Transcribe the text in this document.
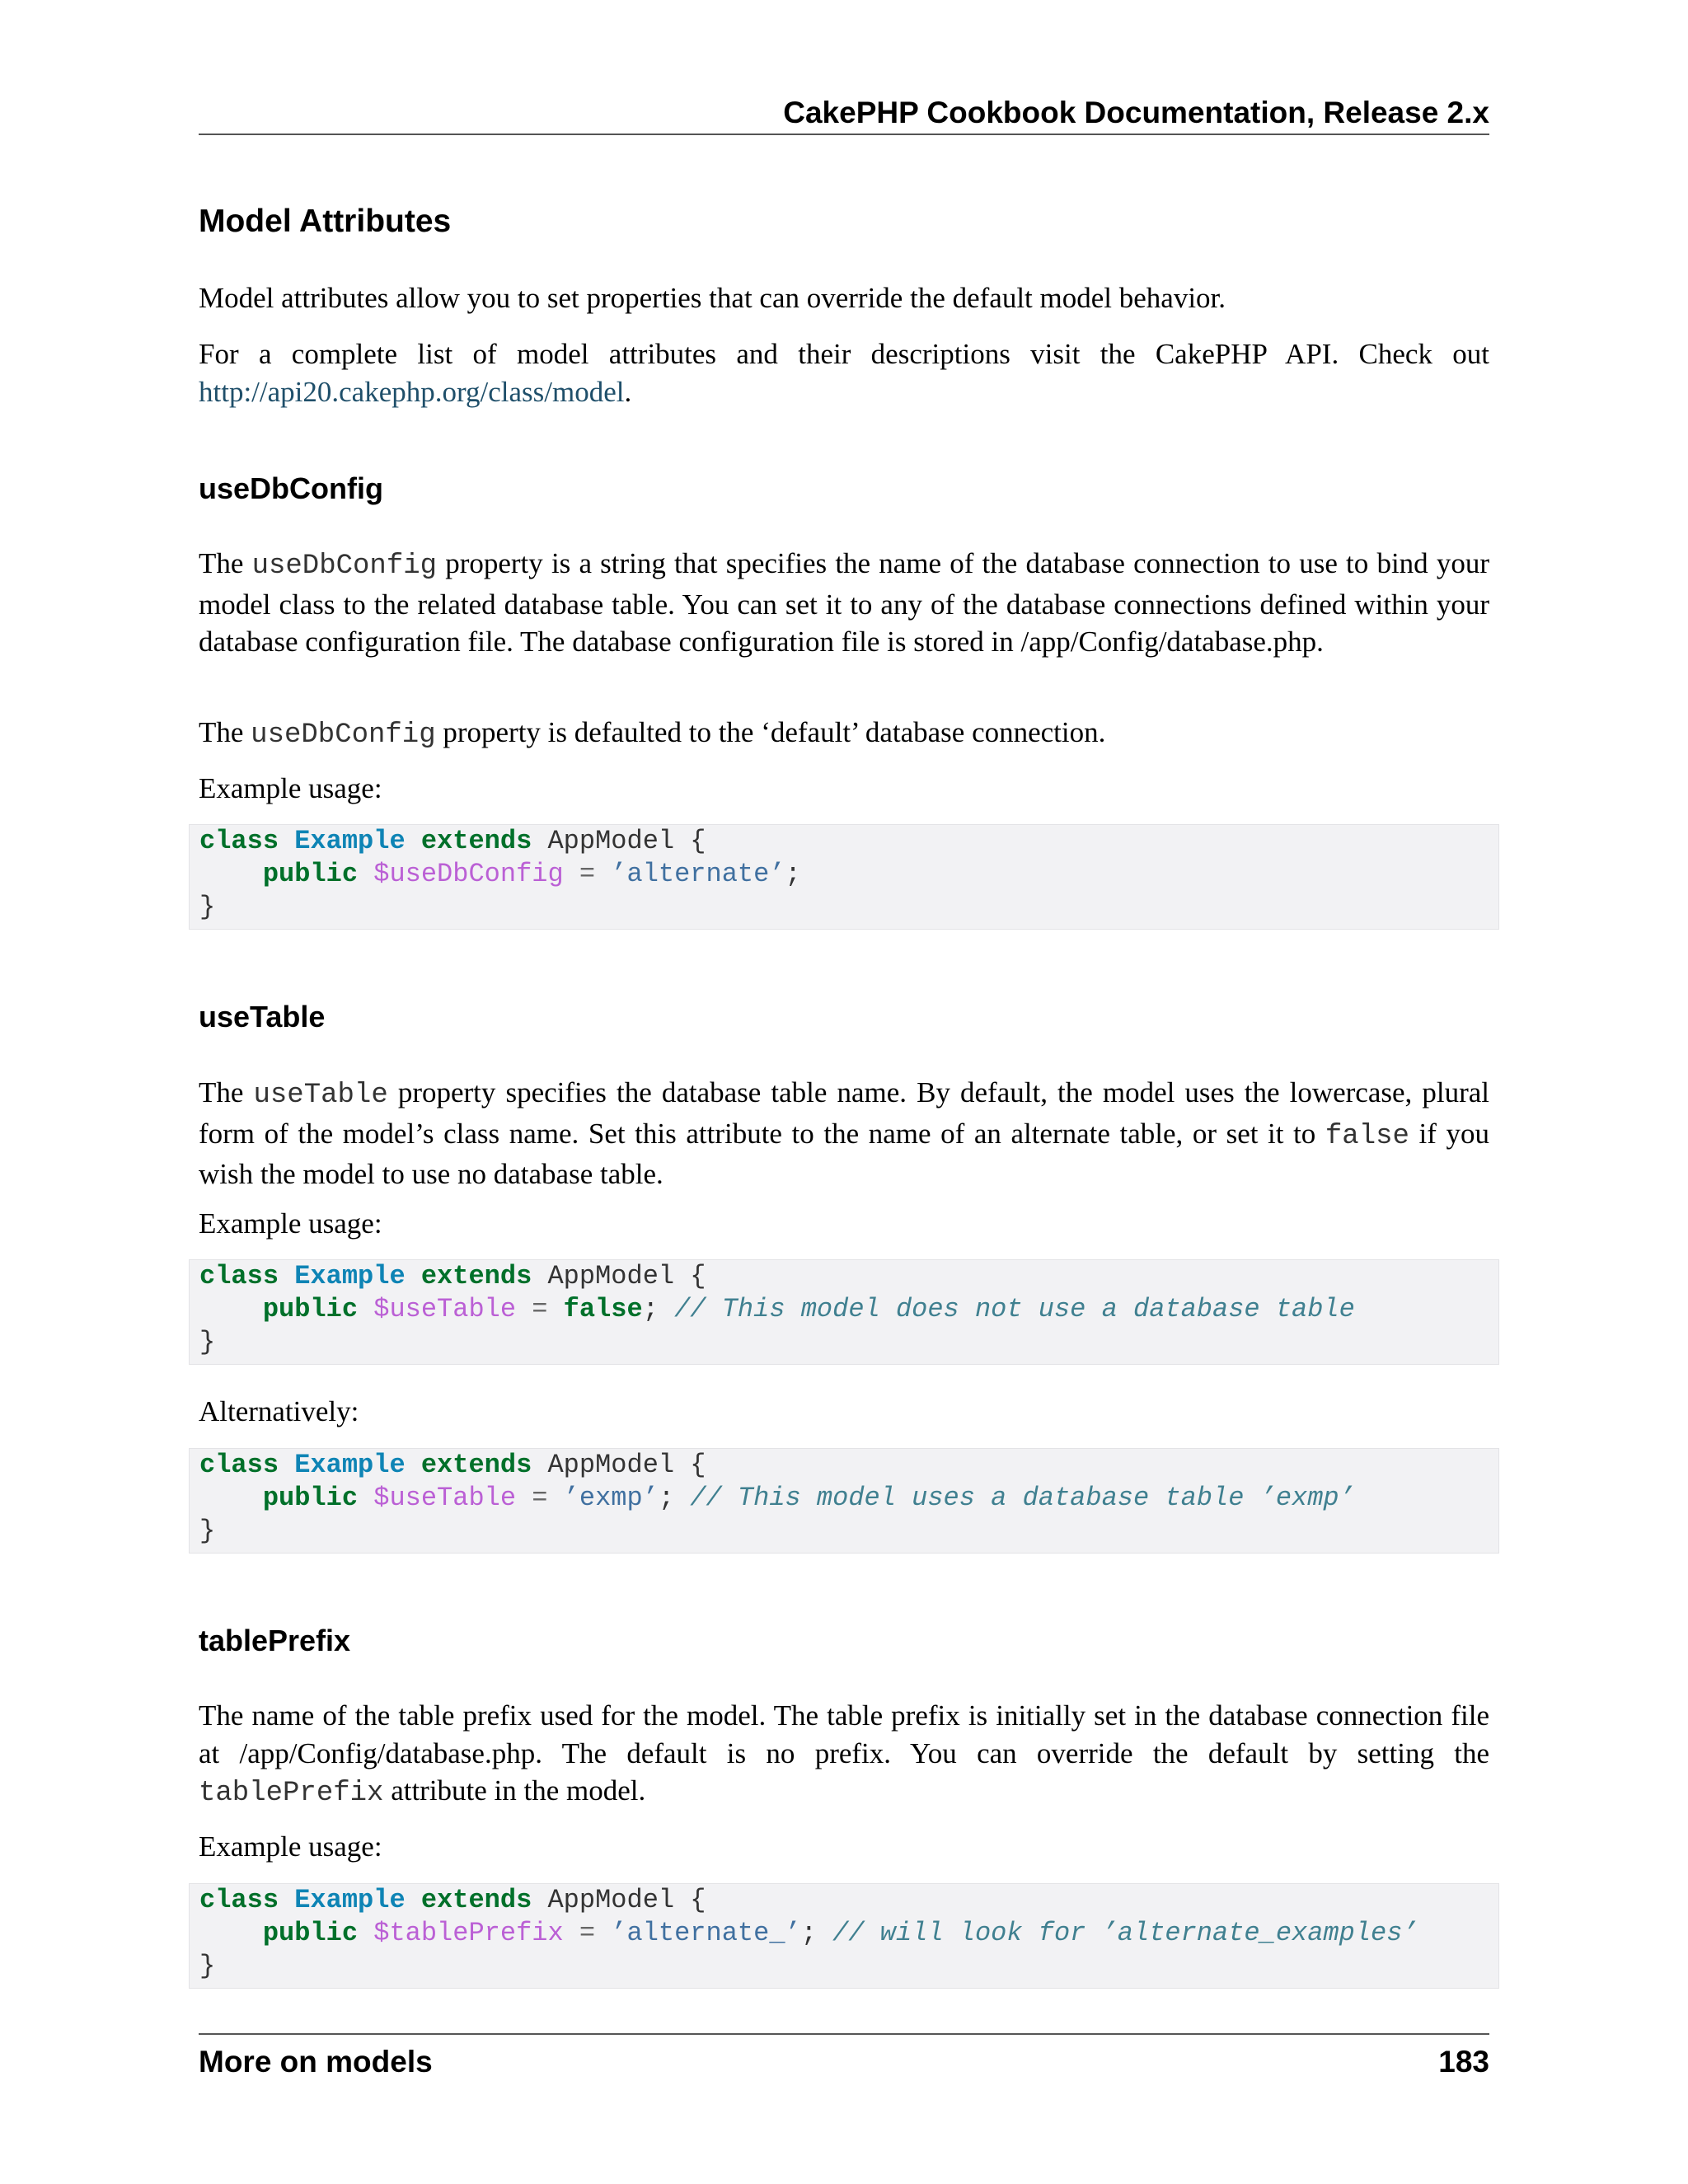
CakePHP Cookbook Documentation, Release 2.x
Model Attributes

Model attributes allow you to set properties that can override the default model behavior.

For a complete list of model attributes and their descriptions visit the CakePHP API. Check out http://api20.cakephp.org/class/model.

useDbConfig

The useDbConfig property is a string that specifies the name of the database connection to use to bind your model class to the related database table. You can set it to any of the database connections defined within your database configuration file. The database configuration file is stored in /app/Config/database.php.

The useDbConfig property is defaulted to the ‘default’ database connection.

Example usage:

class Example extends AppModel {
public $useDbConfig = ’alternate’;
}
useTable

The useTable property specifies the database table name. By default, the model uses the lowercase, plural form of the model’s class name. Set this attribute to the name of an alternate table, or set it to false if you wish the model to use no database table.

Example usage:

class Example extends AppModel {
public $useTable = false; // This model does not use a database table
}

Alternatively:

class Example extends AppModel {
public $useTable = ’exmp’; // This model uses a database table ’exmp’
}
tablePrefix

The name of the table prefix used for the model. The table prefix is initially set in the database connection file at /app/Config/database.php. The default is no prefix. You can override the default by setting the tablePrefix attribute in the model.

Example usage:

class Example extends AppModel {
public $tablePrefix = ’alternate_’; // will look for ’alternate_examples’
}
More on models	183
